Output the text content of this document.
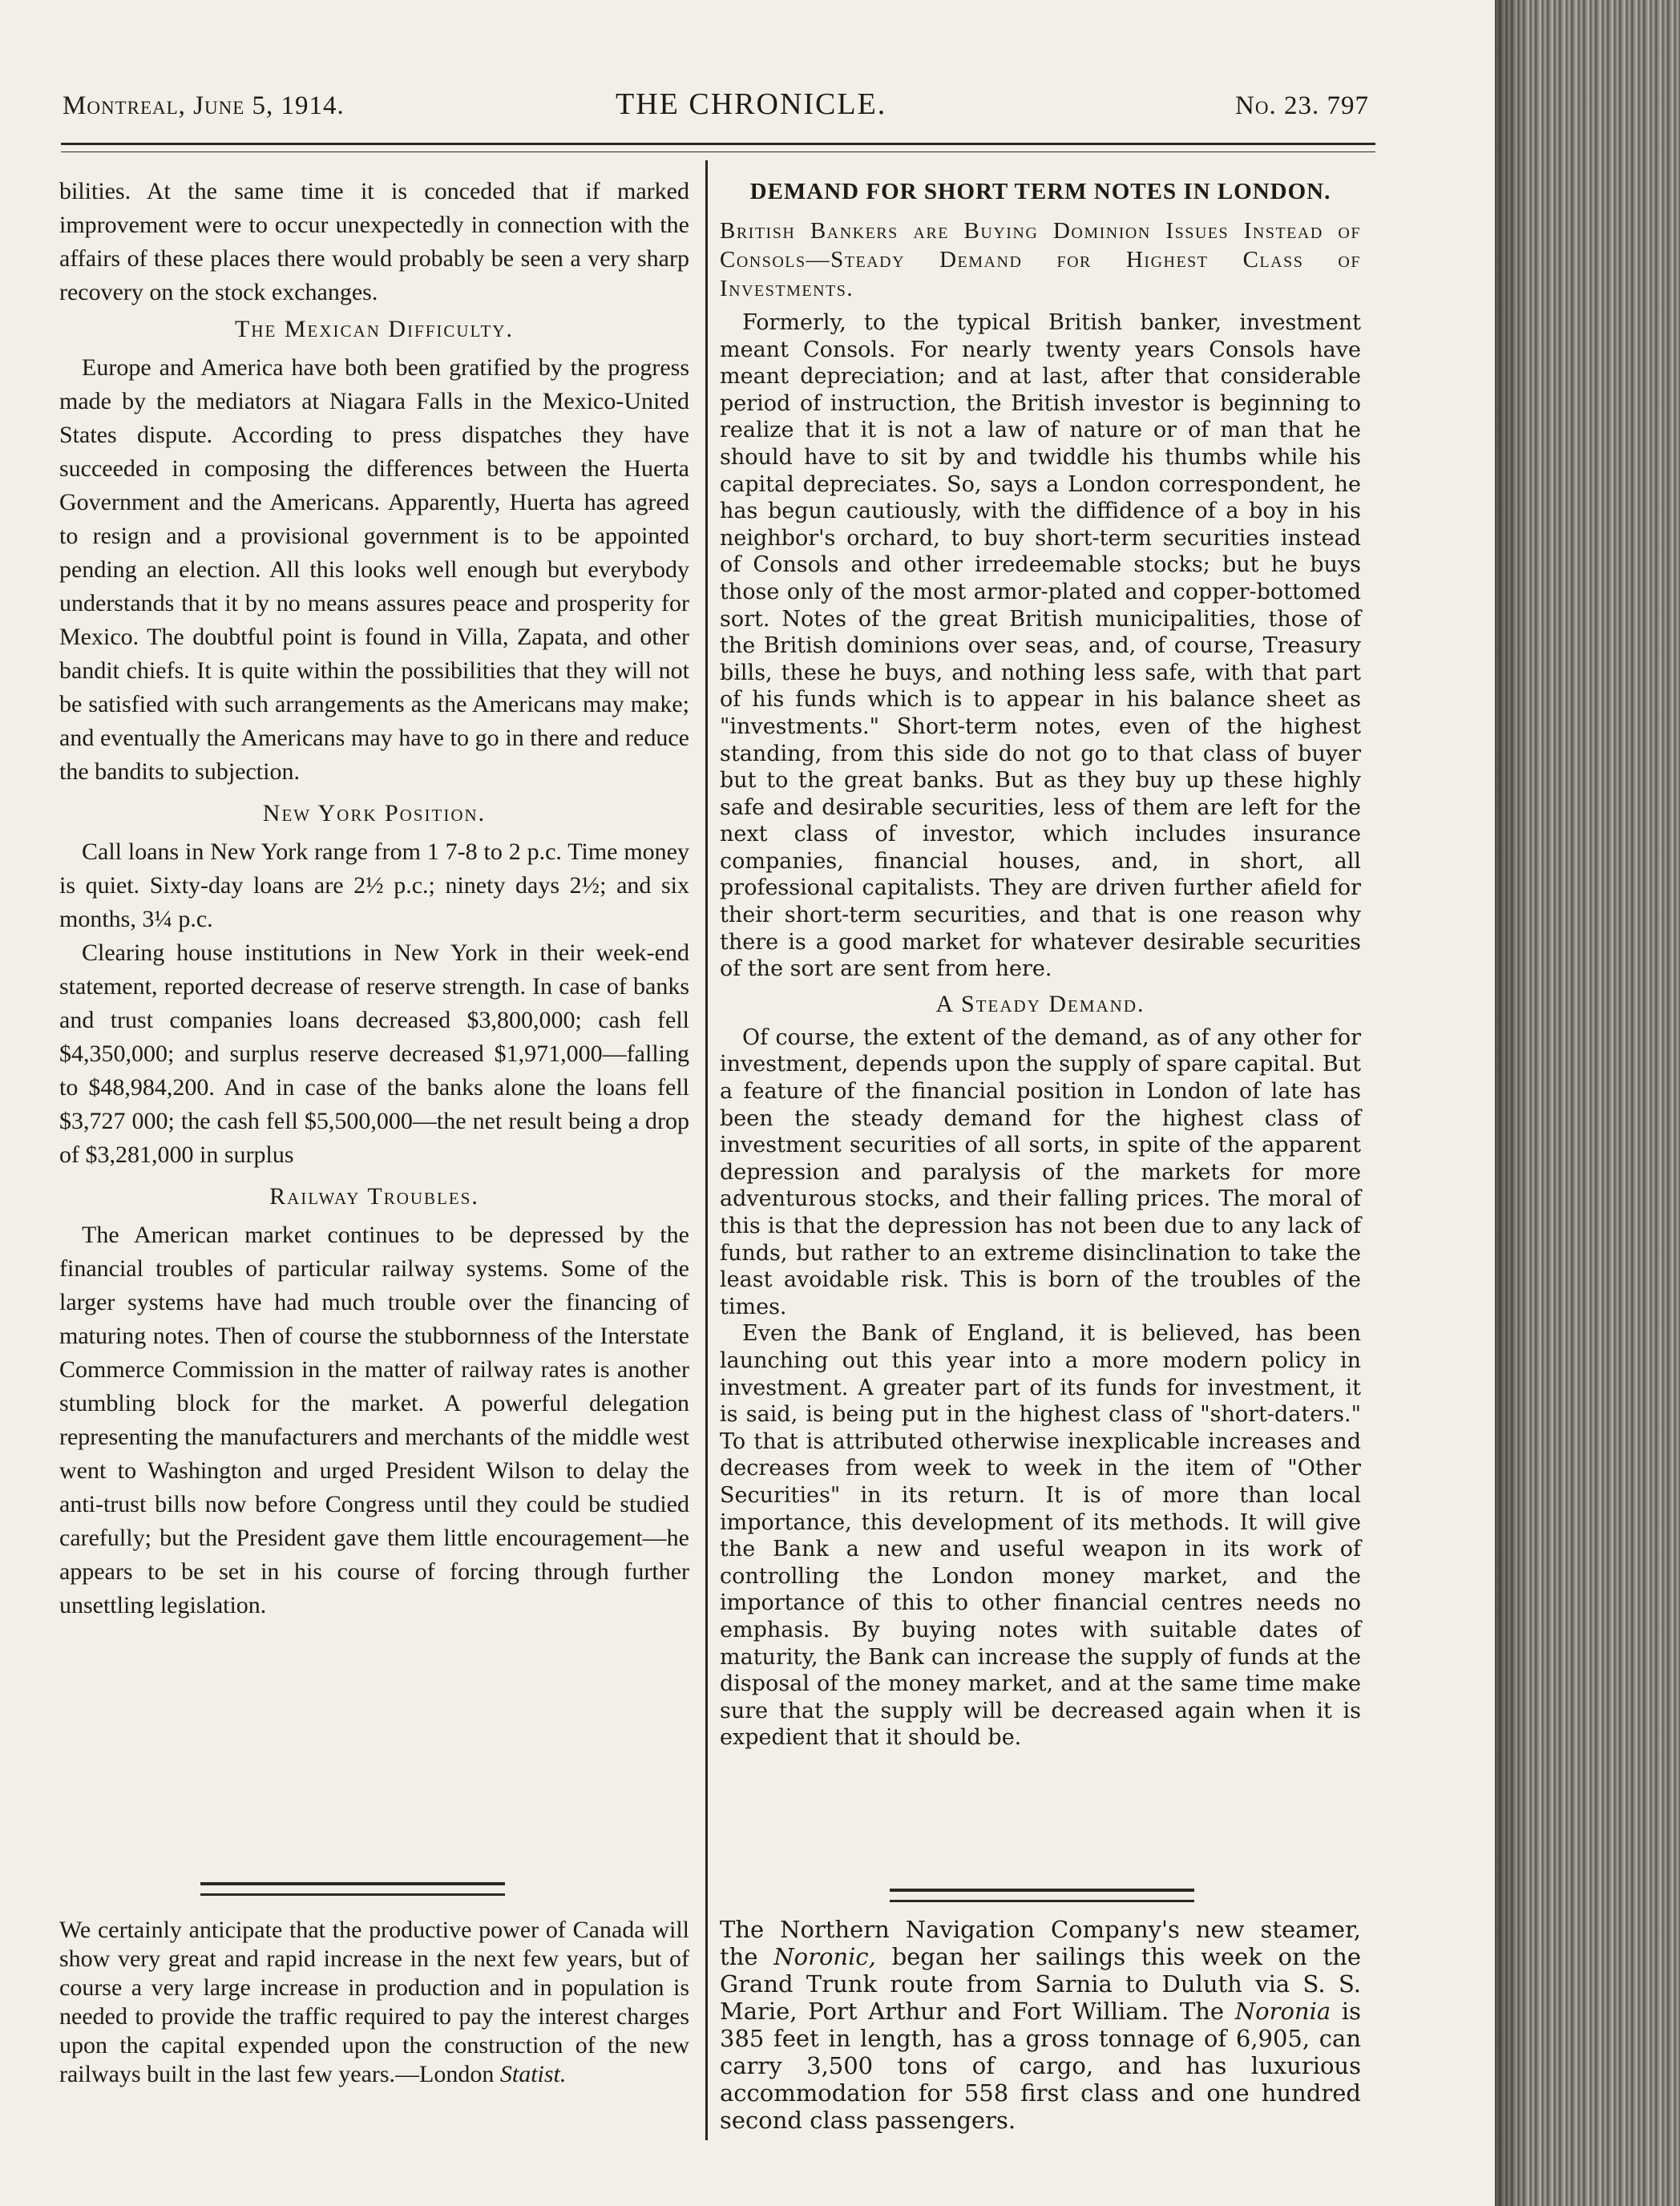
Montreal, June 5, 1914.	THE CHRONICLE.	No. 23. 797

bilities. At the same time it is conceded that if marked improvement were to occur unexpectedly in connection with the affairs of these places there would probably be seen a very sharp recovery on the stock exchanges.

The Mexican Difficulty.

Europe and America have both been gratified by the progress made by the mediators at Niagara Falls in the Mexico-United States dispute. According to press dispatches they have succeeded in composing the differences between the Huerta Government and the Americans. Apparently, Huerta has agreed to resign and a provisional government is to be appointed pending an election. All this looks well enough but everybody understands that it by no means assures peace and prosperity for Mexico. The doubtful point is found in Villa, Zapata, and other bandit chiefs. It is quite within the possibilities that they will not be satisfied with such arrangements as the Americans may make; and eventually the Americans may have to go in there and reduce the bandits to subjection.

New York Position.

Call loans in New York range from 1 7-8 to 2 p.c. Time money is quiet. Sixty-day loans are 2½ p.c.; ninety days 2½; and six months, 3¼ p.c.

Clearing house institutions in New York in their week-end statement, reported decrease of reserve strength. In case of banks and trust companies loans decreased $3,800,000; cash fell $4,350,000; and surplus reserve decreased $1,971,000—falling to $48,984,200. And in case of the banks alone the loans fell $3,727 000; the cash fell $5,500,000—the net result being a drop of $3,281,000 in surplus

Railway Troubles.

The American market continues to be depressed by the financial troubles of particular railway systems. Some of the larger systems have had much trouble over the financing of maturing notes. Then of course the stubbornness of the Interstate Commerce Commission in the matter of railway rates is another stumbling block for the market. A powerful delegation representing the manufacturers and merchants of the middle west went to Washington and urged President Wilson to delay the anti-trust bills now before Congress until they could be studied carefully; but the President gave them little encouragement—he appears to be set in his course of forcing through further unsettling legislation.

We certainly anticipate that the productive power of Canada will show very great and rapid increase in the next few years, but of course a very large increase in production and in population is needed to provide the traffic required to pay the interest charges upon the capital expended upon the construction of the new railways built in the last few years.—London Statist.
DEMAND FOR SHORT TERM NOTES IN LONDON.
British Bankers are Buying Dominion Issues Instead of Consols—Steady Demand for Highest Class of Investments.

Formerly, to the typical British banker, investment meant Consols. For nearly twenty years Consols have meant depreciation; and at last, after that considerable period of instruction, the British investor is beginning to realize that it is not a law of nature or of man that he should have to sit by and twiddle his thumbs while his capital depreciates. So, says a London correspondent, he has begun cautiously, with the diffidence of a boy in his neighbor's orchard, to buy short-term securities instead of Consols and other irredeemable stocks; but he buys those only of the most armor-plated and copper-bottomed sort. Notes of the great British municipalities, those of the British dominions over seas, and, of course, Treasury bills, these he buys, and nothing less safe, with that part of his funds which is to appear in his balance sheet as "investments." Short-term notes, even of the highest standing, from this side do not go to that class of buyer but to the great banks. But as they buy up these highly safe and desirable securities, less of them are left for the next class of investor, which includes insurance companies, financial houses, and, in short, all professional capitalists. They are driven further afield for their short-term securities, and that is one reason why there is a good market for whatever desirable securities of the sort are sent from here.

A Steady Demand.

Of course, the extent of the demand, as of any other for investment, depends upon the supply of spare capital. But a feature of the financial position in London of late has been the steady demand for the highest class of investment securities of all sorts, in spite of the apparent depression and paralysis of the markets for more adventurous stocks, and their falling prices. The moral of this is that the depression has not been due to any lack of funds, but rather to an extreme disinclination to take the least avoidable risk. This is born of the troubles of the times.

Even the Bank of England, it is believed, has been launching out this year into a more modern policy in investment. A greater part of its funds for investment, it is said, is being put in the highest class of "short-daters." To that is attributed otherwise inexplicable increases and decreases from week to week in the item of "Other Securities" in its return. It is of more than local importance, this development of its methods. It will give the Bank a new and useful weapon in its work of controlling the London money market, and the importance of this to other financial centres needs no emphasis. By buying notes with suitable dates of maturity, the Bank can increase the supply of funds at the disposal of the money market, and at the same time make sure that the supply will be decreased again when it is expedient that it should be.

The Northern Navigation Company's new steamer, the Noronic, began her sailings this week on the Grand Trunk route from Sarnia to Duluth via S. S. Marie, Port Arthur and Fort William. The Noronia is 385 feet in length, has a gross tonnage of 6,905, can carry 3,500 tons of cargo, and has luxurious accommodation for 558 first class and one hundred second class passengers.
